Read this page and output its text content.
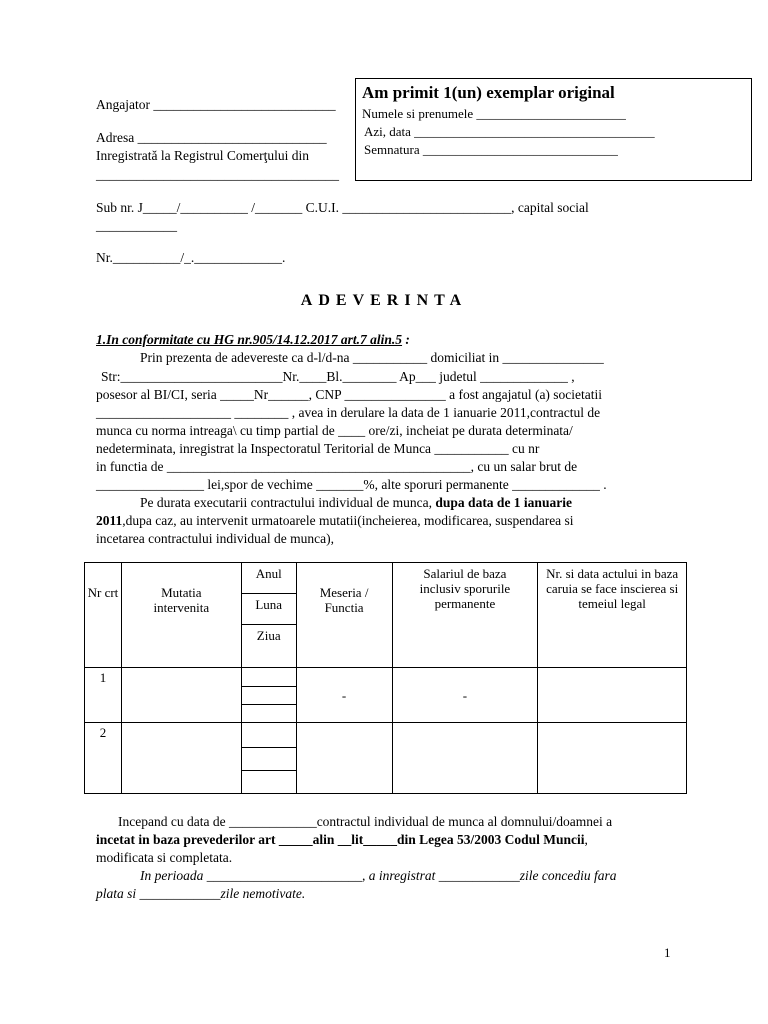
Angajator ___________________________
Adresa ____________________________
Inregistrată la Registrul Comerţului din
____________________________________
Sub nr. J_____/__________ /_______ C.U.I. _________________________, capital social
____________
Nr.__________/_._____________.
Am primit 1(un) exemplar original
Numele si prenumele _______________________
Azi, data _____________________________________
Semnatura ______________________________
ADEVERINTA
1.In conformitate cu HG nr.905/14.12.2017 art.7 alin.5 :
Prin prezenta de adevereste ca d-l/d-na ___________ domiciliat in _______________
Str:________________________Nr.____Bl.________ Ap___ judetul _____________ ,
posesor al BI/CI, seria _____Nr______, CNP _______________ a fost angajatul (a) societatii
____________________ ________ , avea in derulare la data de 1 ianuarie 2011,contractul de
munca cu norma intreaga\ cu timp partial de ____ ore/zi, incheiat pe durata determinata/
nedeterminata, inregistrat la Inspectoratul Teritorial de Munca ___________ cu nr
in functia de _____________________________________________, cu un salar brut de
________________ lei,spor de vechime _______%, alte sporuri permanente _____________ .
Pe durata executarii contractului individual de munca, dupa data de 1 ianuarie
2011,dupa caz, au intervenit urmatoarele mutatii(incheierea, modificarea, suspendarea si
incetarea contractului individual de munca),
Nr crt	Mutatia intervenita	Anul	Meseria / Functia	Salariul de baza inclusiv sporurile permanente	Nr. si data actului in baza caruia se face inscierea si temeiul legal
		Luna			
		Ziua			
1			-	-	

2					

Incepand cu data de _____________contractul individual de munca al domnului/doamnei a
incetat in baza prevederilor art _____alin __lit_____din Legea 53/2003 Codul Muncii,
modificata si completata.
In perioada _______________________, a inregistrat ____________zile concediu fara
plata si ____________zile nemotivate.
1
